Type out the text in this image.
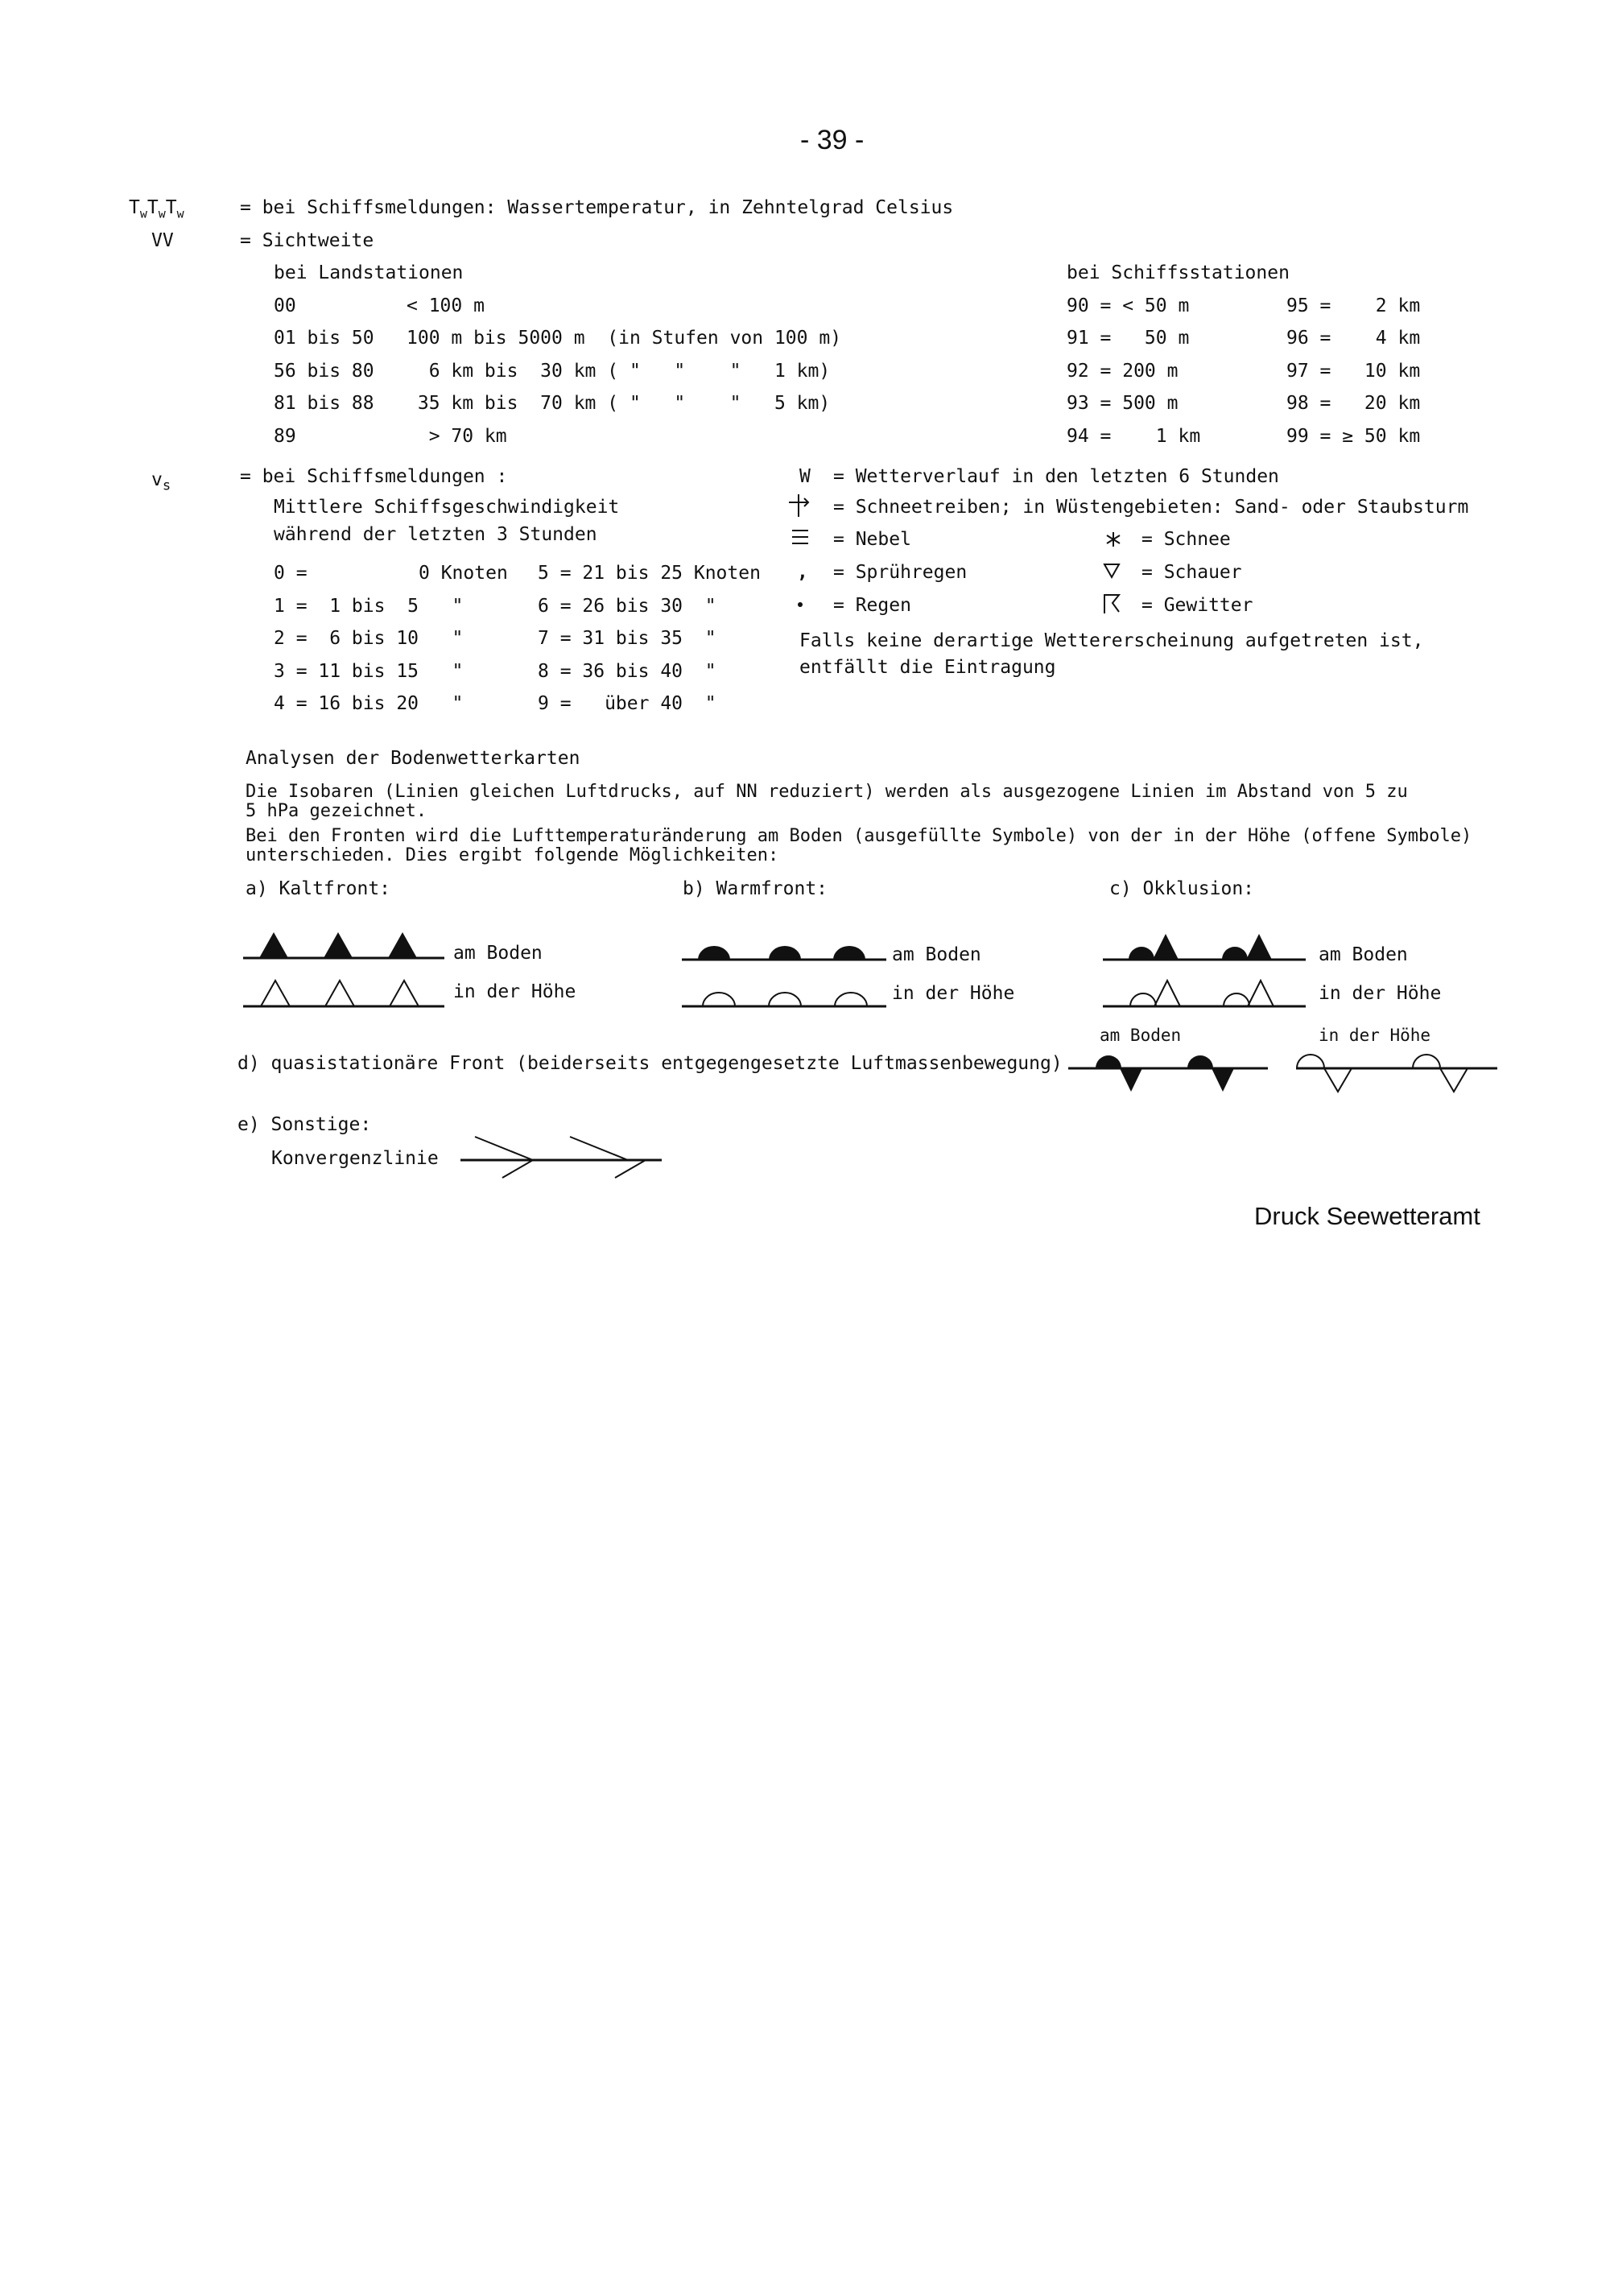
- 39 -
$T_wT_wT_w$	= bei Schiffsmeldungen: Wassertemperatur, in Zehntelgrad Celsius
VV	= Sichtweite
bei Landstationen
00	< 100 m
01 bis 50 100 m bis 5000 m  (in Stufen von 100 m)
56 bis 80 6 km bis  30 km ( "   "    "   1 km)
81 bis 88 35 km bis  70 km ( "   "    "   5 km)
89	> 70 km
bei Schiffsstationen
90 = < 50 m
91 =   50 m
92 = 200 m
93 = 500 m
94 =    1 km
95 =    2 km
96 =    4 km
97 =   10 km
98 =   20 km
99 = ≥ 50 km
$v_s$	= bei Schiffsmeldungen :
Mittlere Schiffsgeschwindigkeit
während der letzten 3 Stunden
0 =          0 Knoten
1 =  1 bis  5   "
2 =  6 bis 10   "
3 = 11 bis 15   "
4 = 16 bis 20   "
5 = 21 bis 25 Knoten
6 = 26 bis 30  "
7 = 31 bis 35  "
8 = 36 bis 40  "
9 =   über 40  "
W = Wetterverlauf in den letzten 6 Stunden
= Schneetreiben; in Wüstengebieten: Sand- oder Staubsturm
= Nebel
, = Sprühregen
= Regen
= Schnee
= Schauer
= Gewitter
Falls keine derartige Wettererscheinung aufgetreten ist,
entfällt die Eintragung
Analysen der Bodenwetterkarten
Die Isobaren (Linien gleichen Luftdrucks, auf NN reduziert) werden als ausgezogene Linien im Abstand von 5 zu
5 hPa gezeichnet.
Bei den Fronten wird die Lufttemperaturänderung am Boden (ausgefüllte Symbole) von der in der Höhe (offene Symbole)
unterschieden. Dies ergibt folgende Möglichkeiten:
a) Kaltfront:	b) Warmfront:	c) Okklusion:
am Boden
in der Höhe
am Boden
in der Höhe
am Boden
in der Höhe
am Boden	in der Höhe
d) quasistationäre Front (beiderseits entgegengesetzte Luftmassenbewegung)
e) Sonstige:
Konvergenzlinie
Druck Seewetteramt
